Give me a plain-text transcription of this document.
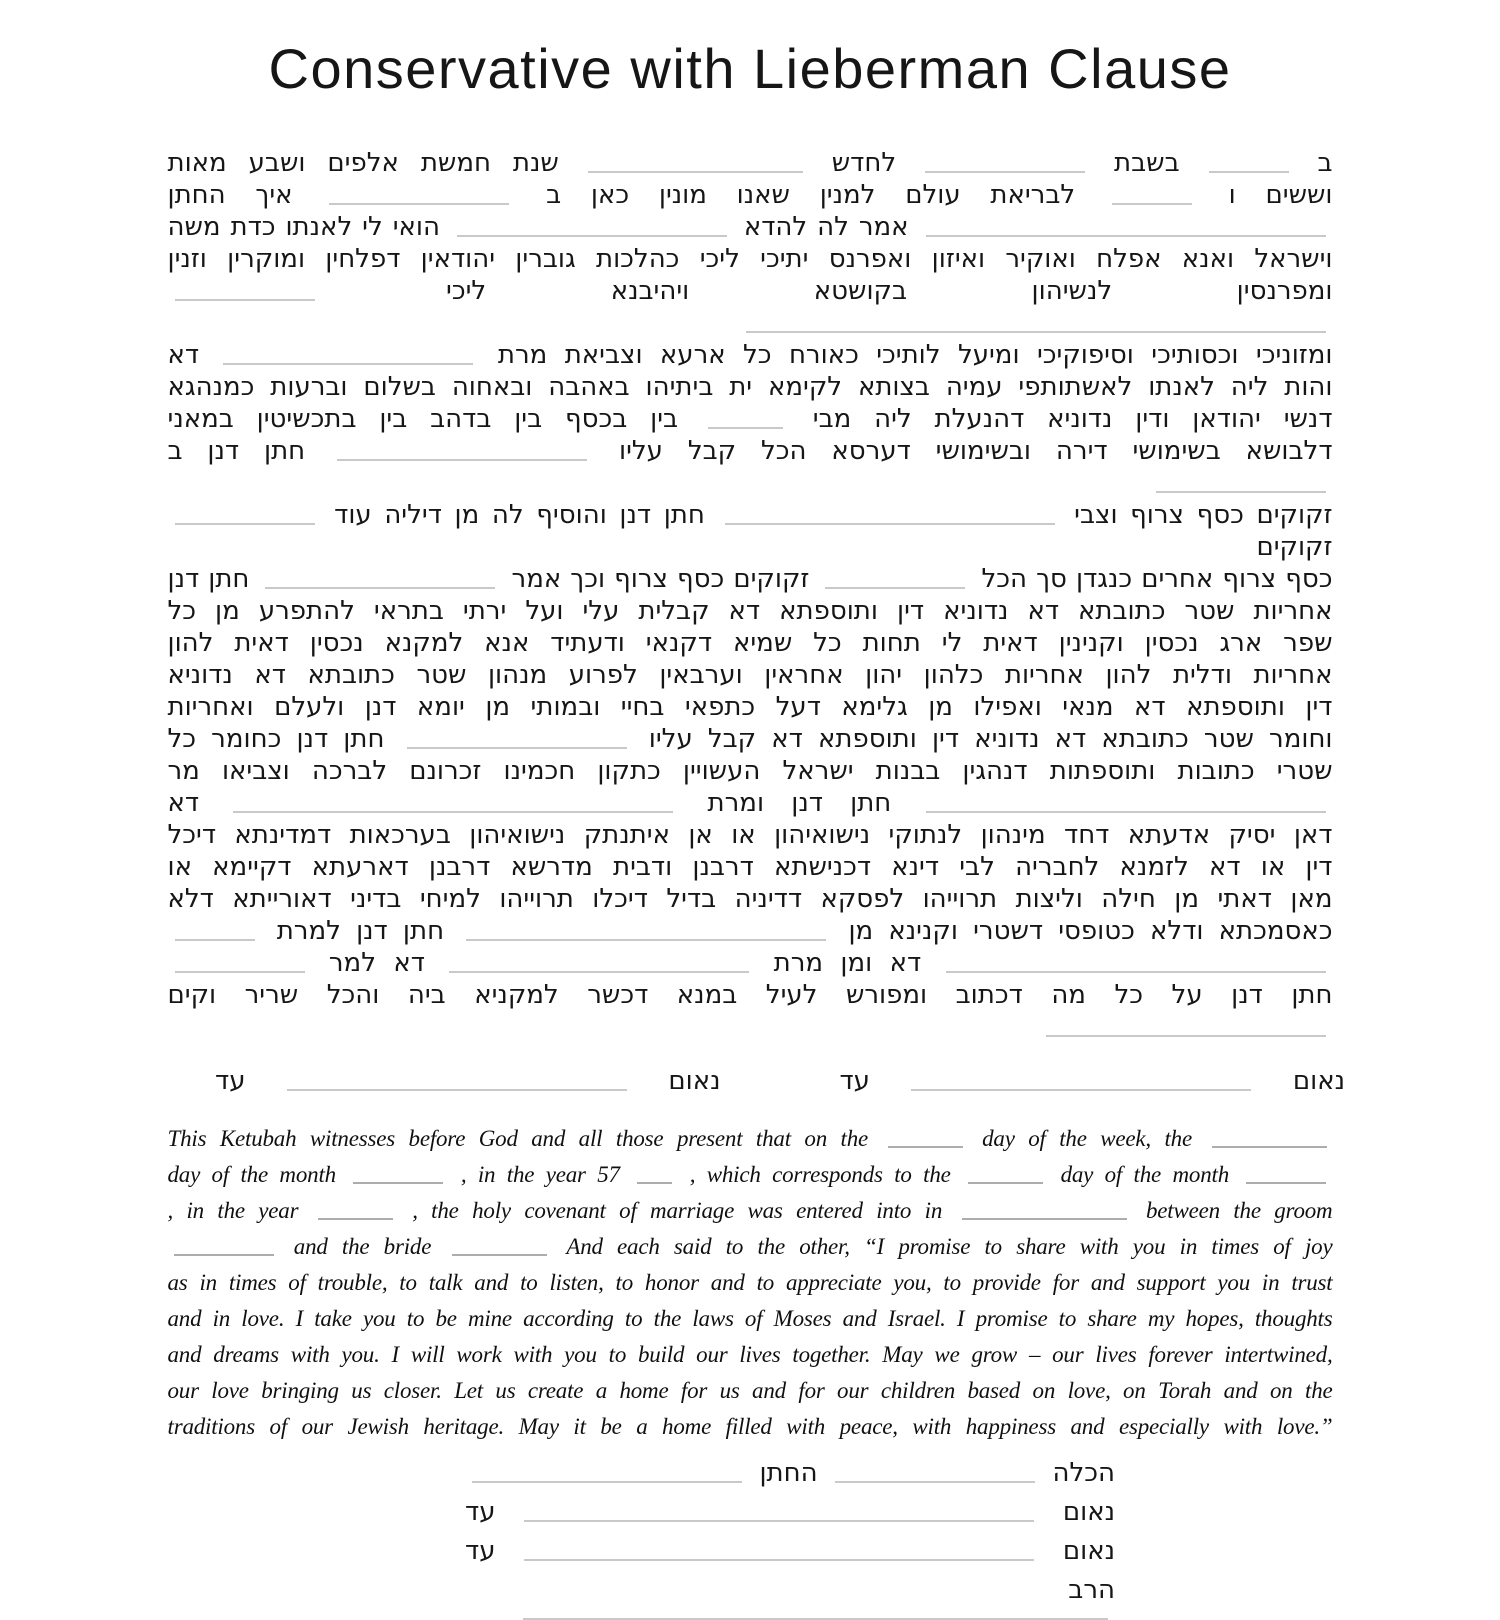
Conservative with Lieberman Clause
ב  בשבת  לחדש  שנת חמשת אלפים ושבע מאות
וששים ו  לבריאת עולם למנין שאנו מונין כאן ב  איך החתן
אמר לה להדא  הואי לי לאנתו כדת משה
וישראל ואנא אפלח ואוקיר ואיזון ואפרנס יתיכי ליכי כהלכות גוברין יהודאין דפלחין ומוקרין וזנין
ומפרנסין לנשיהון בקושטא ויהיבנא ליכי
ומזוניכי וכסותיכי וסיפוקיכי ומיעל לותיכי כאורח כל ארעא וצביאת מרת  דא
והות ליה לאנתו לאשתותפי עמיה בצותא לקימא ית ביתיהו באהבה ובאחוה בשלום וברעות כמנהגא
דנשי יהודאן ודין נדוניא דהנעלת ליה מבי  בין בכסף בין בדהב בין בתכשיטין במאני
דלבושא בשימושי דירה ובשימושי דערסא הכל קבל עליו  חתן דנן ב
זקוקים כסף צרוף וצבי  חתן דנן והוסיף לה מן דיליה עוד  זקוקים
כסף צרוף אחרים כנגדן סך הכל  זקוקים כסף צרוף וכך אמר  חתן דנן
אחריות שטר כתובתא דא נדוניא דין ותוספתא דא קבלית עלי ועל ירתי בתראי להתפרע מן כל
שפר ארג נכסין וקנינין דאית לי תחות כל שמיא דקנאי ודעתיד אנא למקנא נכסין דאית להון
אחריות ודלית להון אחריות כלהון יהון אחראין וערבאין לפרוע מנהון שטר כתובתא דא נדוניא
דין ותוספתא דא מנאי ואפילו מן גלימא דעל כתפאי בחיי ובמותי מן יומא דנן ולעלם ואחריות
וחומר שטר כתובתא דא נדוניא דין ותוספתא דא קבל עליו  חתן דנן כחומר כל
שטרי כתובות ותוספתות דנהגין בבנות ישראל העשויין כתקון חכמינו זכרונם לברכה וצביאו מר
חתן דנן ומרת  דא
דאן יסיק אדעתא דחד מינהון לנתוקי נישואיהון או אן איתנתק נישואיהון בערכאות דמדינתא דיכל
דין או דא לזמנא לחבריה לבי דינא דכנישתא דרבנן ודבית מדרשא דרבנן דארעתא דקיימא או
מאן דאתי מן חילה וליצות תרוייהו לפסקא דדיניה בדיל דיכלו תרוייהו למיחי בדיני דאורייתא דלא
כאסמכתא ודלא כטופסי דשטרי וקנינא מן  חתן דנן למרת
דא ומן מרת  דא למר
חתן דנן על כל מה דכתוב ומפורש לעיל במנא דכשר למקניא ביה והכל שריר וקים
נאום  עד  נאום  עד
This Ketubah witnesses before God and all those present that on the	day of the week, the
day of the month	, in the year 57	, which corresponds to the	day of the month
, in the year	, the holy covenant of marriage was entered into in	between the groom
and the bride	And each said to the other, “I promise to share with you in times of joy
as in times of trouble, to talk and to listen, to honor and to appreciate you, to provide for and support you in trust
and in love. I take you to be mine according to the laws of Moses and Israel. I promise to share my hopes, thoughts
and dreams with you. I will work with you to build our lives together. May we grow – our lives forever intertwined,
our love bringing us closer. Let us create a home for us and for our children based on love, on Torah and on the
traditions of our Jewish heritage. May it be a home filled with peace, with happiness and especially with love.”
הכלה  החתן
נאום  עד
נאום  עד
הרב
